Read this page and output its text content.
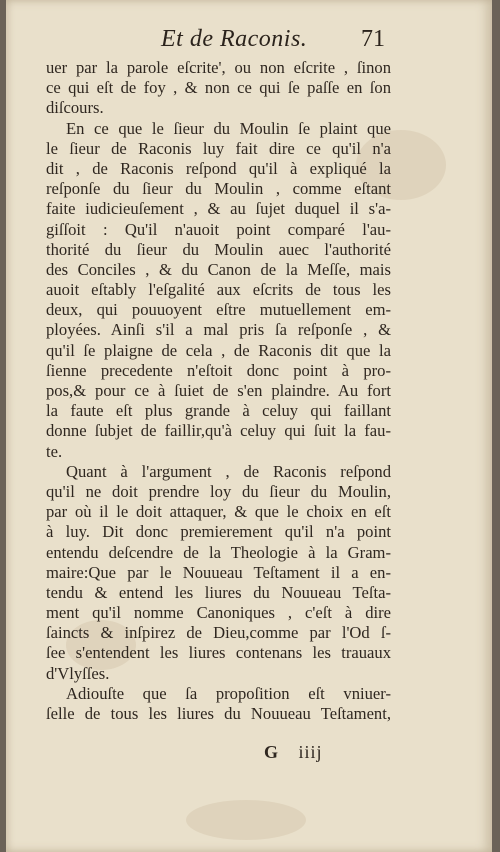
Et de Raconis. 71
uer par la parole eſcrite', ou non eſcrite , ſinon
ce qui eſt de foy , & non ce qui ſe paſſe en ſon
diſcours.
En ce que le ſieur du Moulin ſe plaint que
le ſieur de Raconis luy fait dire ce qu'il n'a
dit , de Raconis reſpond qu'il à expliqué la
reſponſe du ſieur du Moulin , comme eſtant
faite iudicieuſement , & au ſujet duquel il s'a-
giſſoit : Qu'il n'auoit point comparé l'au-
thorité du ſieur du Moulin auec l'authorité
des Conciles , & du Canon de la Meſſe, mais
auoit eſtably l'eſgalité aux eſcrits de tous les
deux, qui pouuoyent eſtre mutuellement em-
ployées. Ainſi s'il a mal pris ſa reſponſe , &
qu'il ſe plaigne de cela , de Raconis dit que la
ſienne precedente n'eſtoit donc point à pro-
pos,& pour ce à ſuiet de s'en plaindre. Au fort
la faute eſt plus grande à celuy qui faillant
donne ſubjet de faillir,qu'à celuy qui ſuit la fau-
te.
Quant à l'argument , de Raconis reſpond
qu'il ne doit prendre loy du ſieur du Moulin,
par où il le doit attaquer, & que le choix en eſt
à luy. Dit donc premierement qu'il n'a point
entendu deſcendre de la Theologie à la Gram-
maire:Que par le Nouueau Teſtament il a en-
tendu & entend les liures du Nouueau Teſta-
ment qu'il nomme Canoniques , c'eſt à dire
ſaincts & inſpirez de Dieu,comme par l'Od ſ-
ſee s'entendent les liures contenans les trauaux
d'Vlyſſes.
Adiouſte que ſa propoſition eſt vniuer-
ſelle de tous les liures du Nouueau Teſtament,
G iiij
